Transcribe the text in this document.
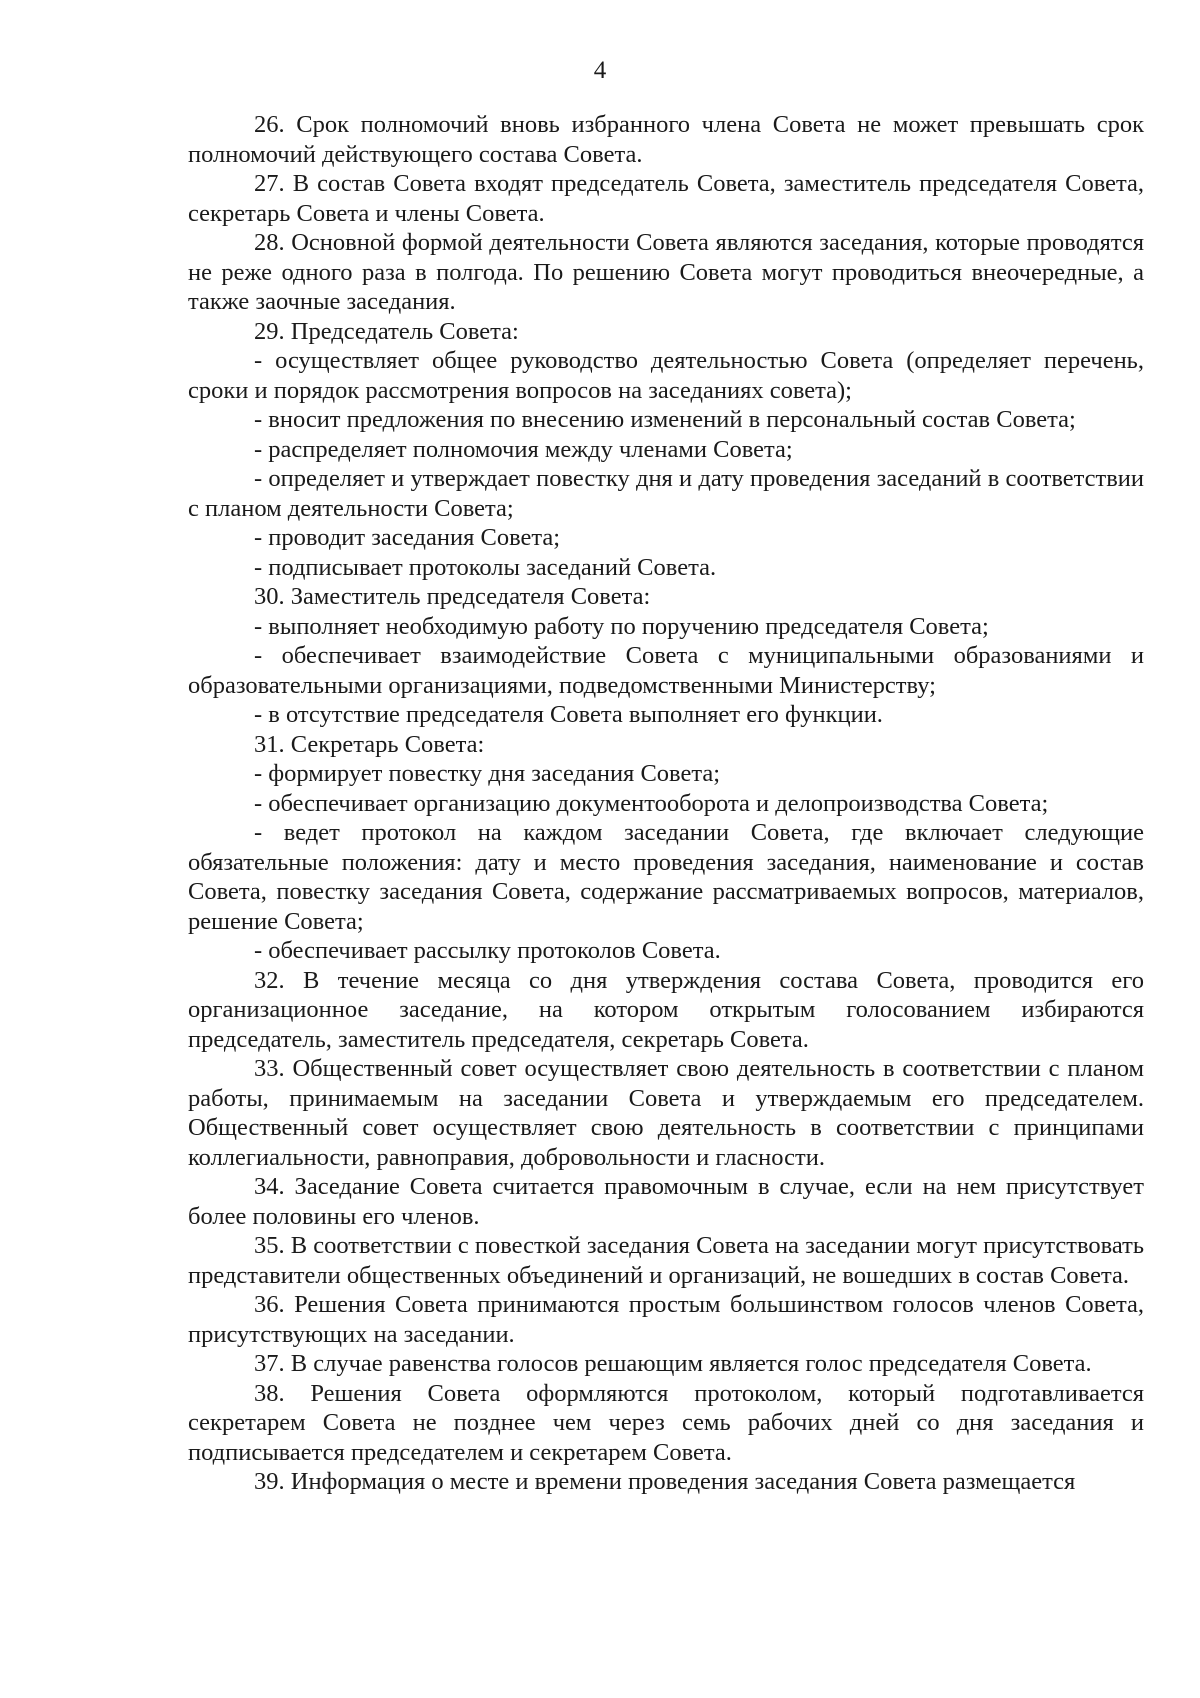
4

26. Срок полномочий вновь избранного члена Совета не может превышать срок полномочий действующего состава Совета.

27. В состав Совета входят председатель Совета, заместитель председателя Совета, секретарь Совета и члены Совета.

28. Основной формой деятельности Совета являются заседания, которые проводятся не реже одного раза в полгода. По решению Совета могут проводиться внеочередные, а также заочные заседания.

29. Председатель Совета:

- осуществляет общее руководство деятельностью Совета (определяет перечень, сроки и порядок рассмотрения вопросов на заседаниях совета);

- вносит предложения по внесению изменений в персональный состав Совета;

- распределяет полномочия между членами Совета;

- определяет и утверждает повестку дня и дату проведения заседаний в соответствии с планом деятельности Совета;

- проводит заседания Совета;

- подписывает протоколы заседаний Совета.

30. Заместитель председателя Совета:

- выполняет необходимую работу по поручению председателя Совета;

- обеспечивает взаимодействие Совета с муниципальными образованиями и образовательными организациями, подведомственными Министерству;

- в отсутствие председателя Совета выполняет его функции.

31. Секретарь Совета:

- формирует повестку дня заседания Совета;

- обеспечивает организацию документооборота и делопроизводства Совета;

- ведет протокол на каждом заседании Совета, где включает следующие обязательные положения: дату и место проведения заседания, наименование и состав Совета, повестку заседания Совета, содержание рассматриваемых вопросов, материалов, решение Совета;

- обеспечивает рассылку протоколов Совета.

32. В течение месяца со дня утверждения состава Совета, проводится его организационное заседание, на котором открытым голосованием избираются председатель, заместитель председателя, секретарь Совета.

33. Общественный совет осуществляет свою деятельность в соответствии с планом работы, принимаемым на заседании Совета и утверждаемым его председателем. Общественный совет осуществляет свою деятельность в соответствии с принципами коллегиальности, равноправия, добровольности и гласности.

34. Заседание Совета считается правомочным в случае, если на нем присутствует более половины его членов.

35. В соответствии с повесткой заседания Совета на заседании могут присутствовать представители общественных объединений и организаций, не вошедших в состав Совета.

36. Решения Совета принимаются простым большинством голосов членов Совета, присутствующих на заседании.

37. В случае равенства голосов решающим является голос председателя Совета.

38. Решения Совета оформляются протоколом, который подготавливается секретарем Совета не позднее чем через семь рабочих дней со дня заседания и подписывается председателем и секретарем Совета.

39. Информация о месте и времени проведения заседания Совета размещается
